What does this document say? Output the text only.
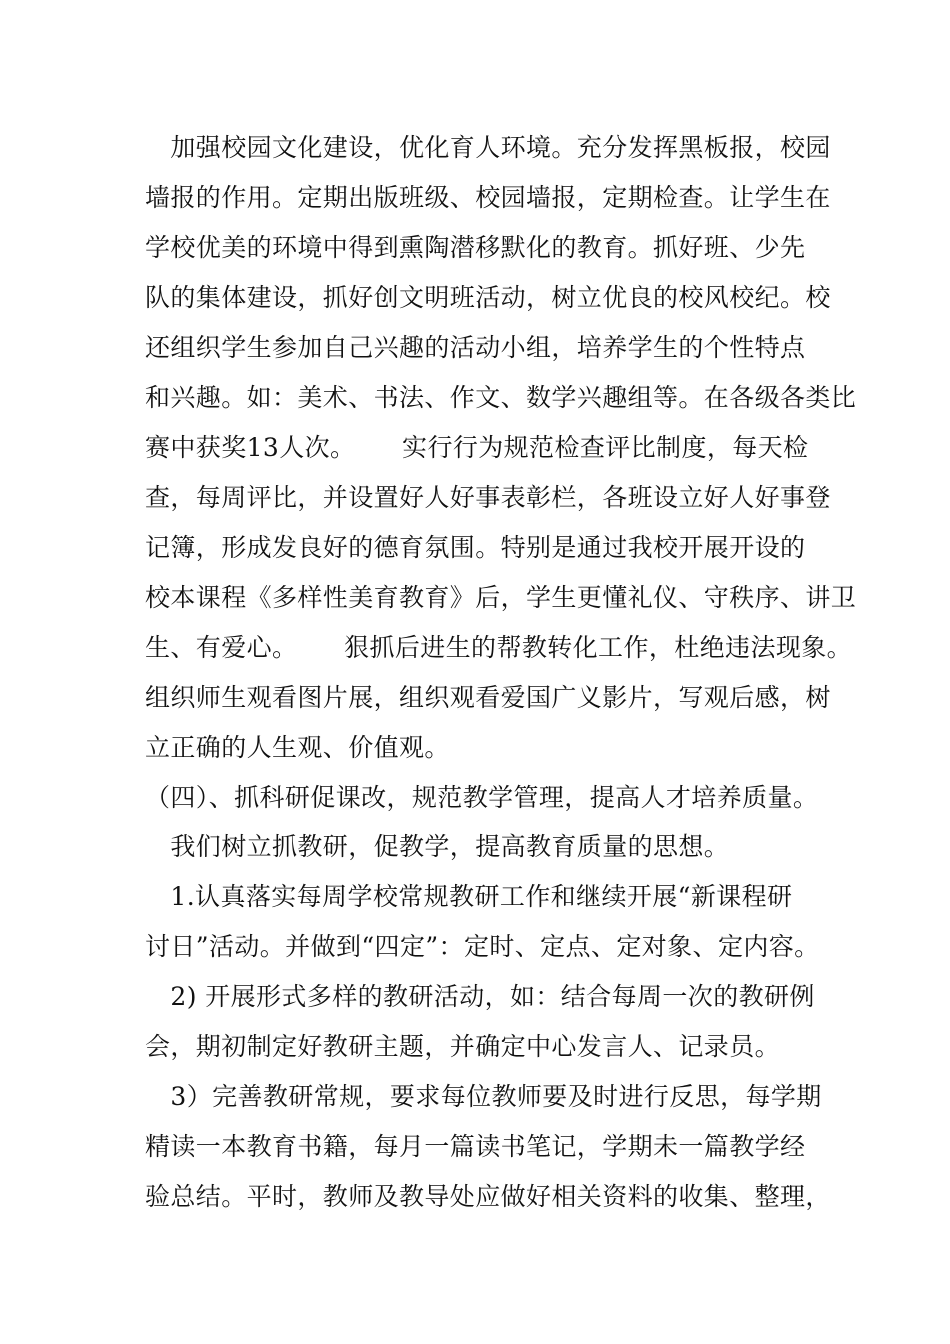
　加强校园文化建设，优化育人环境。充分发挥黑板报，校园
墙报的作用。定期出版班级、校园墙报，定期检查。让学生在
学校优美的环境中得到熏陶潜移默化的教育。抓好班、少先
队的集体建设，抓好创文明班活动，树立优良的校风校纪。校
还组织学生参加自己兴趣的活动小组，培养学生的个性特点
和兴趣。如：美术、书法、作文、数学兴趣组等。在各级各类比
赛中获奖13人次。　　 实行行为规范检查评比制度，每天检
查，每周评比，并设置好人好事表彰栏，各班设立好人好事登
记簿，形成发良好的德育氛围。特别是通过我校开展开设的
校本课程《多样性美育教育》后，学生更懂礼仪、守秩序、讲卫
生、有爱心。　　 狠抓后进生的帮教转化工作，杜绝违法现象。
组织师生观看图片展，组织观看爱国广义影片，写观后感，树
立正确的人生观、价值观。
（四）、抓科研促课改，规范教学管理，提高人才培养质量。
　我们树立抓教研，促教学，提高教育质量的思想。
　1.认真落实每周学校常规教研工作和继续开展“新课程研
讨日”活动。并做到“四定”：定时、定点、定对象、定内容。
　2) 开展形式多样的教研活动，如：结合每周一次的教研例
会，期初制定好教研主题，并确定中心发言人、记录员。
　3）完善教研常规，要求每位教师要及时进行反思，每学期
精读一本教育书籍，每月一篇读书笔记，学期未一篇教学经
验总结。平时，教师及教导处应做好相关资料的收集、整理，
